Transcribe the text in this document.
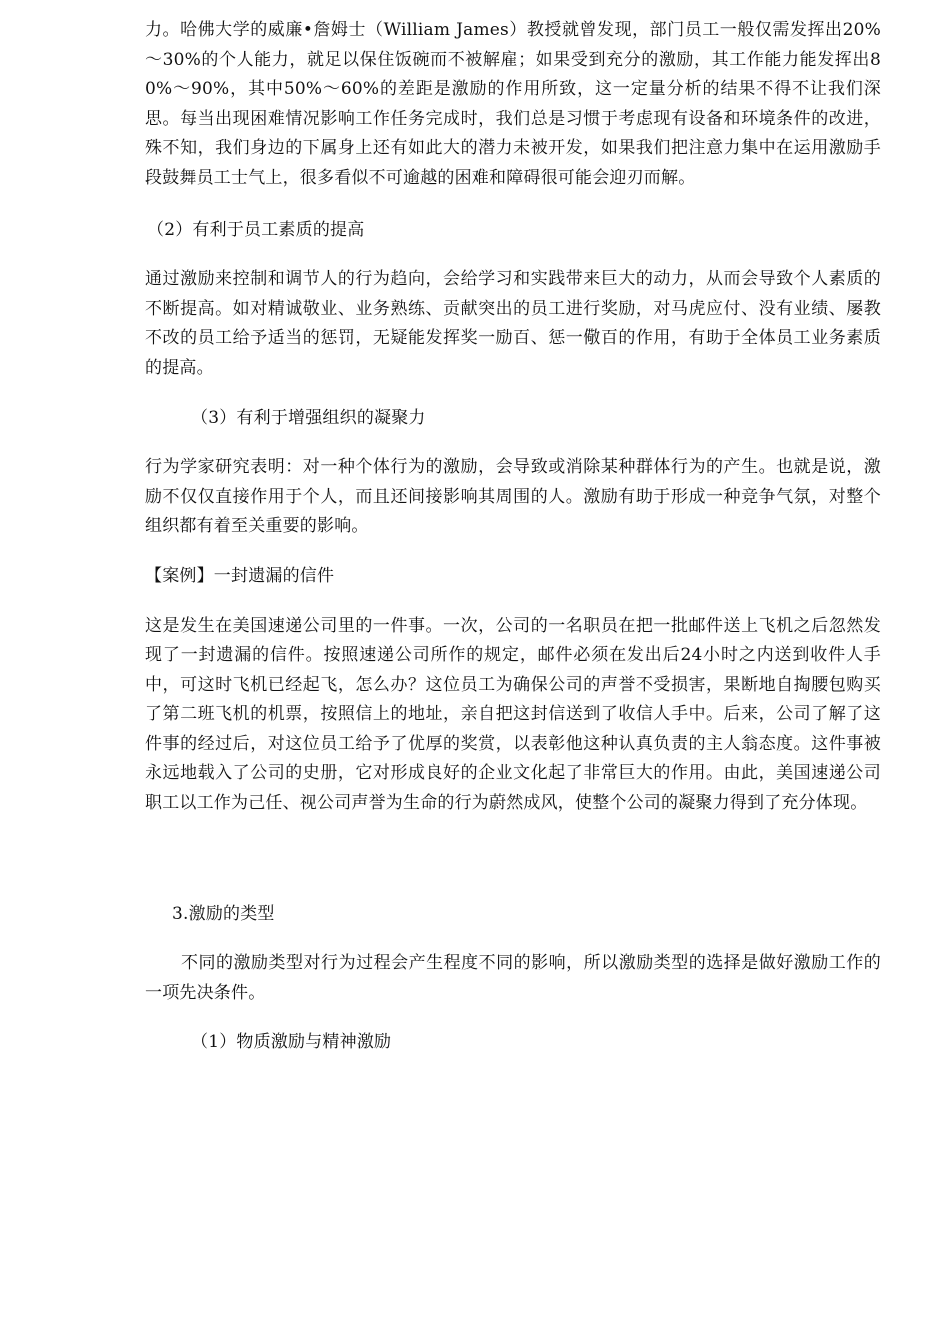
力。哈佛大学的威廉•詹姆士（William James）教授就曾发现，部门员工一般仅需发挥出20%～30%的个人能力，就足以保住饭碗而不被解雇；如果受到充分的激励，其工作能力能发挥出80%～90%，其中50%～60%的差距是激励的作用所致，这一定量分析的结果不得不让我们深思。每当出现困难情况影响工作任务完成时，我们总是习惯于考虑现有设备和环境条件的改进，殊不知，我们身边的下属身上还有如此大的潜力未被开发，如果我们把注意力集中在运用激励手段鼓舞员工士气上，很多看似不可逾越的困难和障碍很可能会迎刃而解。

（2）有利于员工素质的提高

通过激励来控制和调节人的行为趋向，会给学习和实践带来巨大的动力，从而会导致个人素质的不断提高。如对精诚敬业、业务熟练、贡献突出的员工进行奖励，对马虎应付、没有业绩、屡教不改的员工给予适当的惩罚，无疑能发挥奖一励百、惩一儆百的作用，有助于全体员工业务素质的提高。

（3）有利于增强组织的凝聚力

行为学家研究表明：对一种个体行为的激励，会导致或消除某种群体行为的产生。也就是说，激励不仅仅直接作用于个人，而且还间接影响其周围的人。激励有助于形成一种竞争气氛，对整个组织都有着至关重要的影响。

【案例】一封遗漏的信件

这是发生在美国速递公司里的一件事。一次，公司的一名职员在把一批邮件送上飞机之后忽然发现了一封遗漏的信件。按照速递公司所作的规定，邮件必须在发出后24小时之内送到收件人手中，可这时飞机已经起飞，怎么办？这位员工为确保公司的声誉不受损害，果断地自掏腰包购买了第二班飞机的机票，按照信上的地址，亲自把这封信送到了收信人手中。后来，公司了解了这件事的经过后，对这位员工给予了优厚的奖赏，以表彰他这种认真负责的主人翁态度。这件事被永远地载入了公司的史册，它对形成良好的企业文化起了非常巨大的作用。由此，美国速递公司职工以工作为己任、视公司声誉为生命的行为蔚然成风，使整个公司的凝聚力得到了充分体现。

3.激励的类型

不同的激励类型对行为过程会产生程度不同的影响，所以激励类型的选择是做好激励工作的一项先决条件。

（1）物质激励与精神激励
